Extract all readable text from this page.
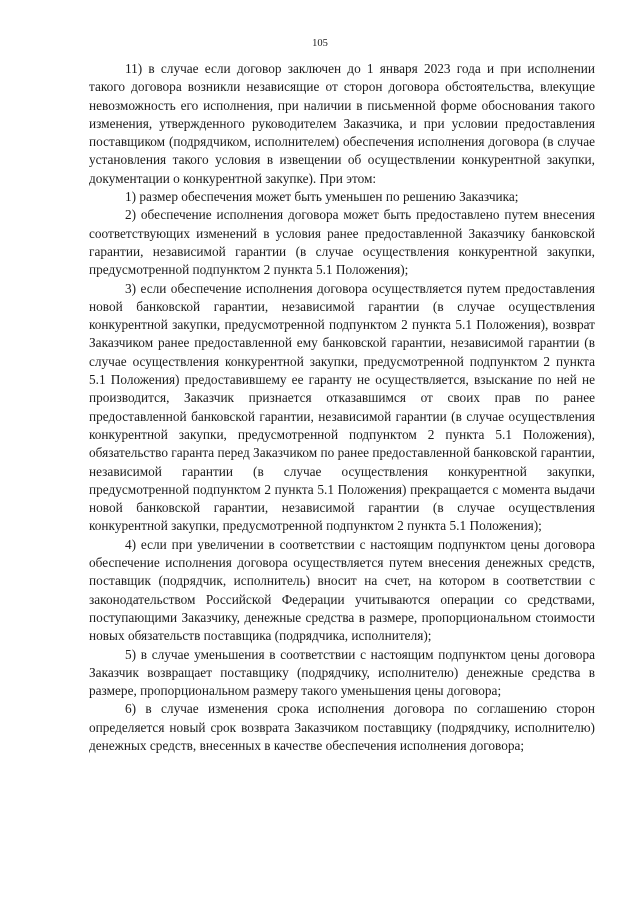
105

11) в случае если договор заключен до 1 января 2023 года и при исполнении такого договора возникли независящие от сторон договора обстоятельства, влекущие невозможность его исполнения, при наличии в письменной форме обоснования такого изменения, утвержденного руководителем Заказчика, и при условии предоставления поставщиком (подрядчиком, исполнителем) обеспечения исполнения договора (в случае установления такого условия в извещении об осуществлении конкурентной закупки, документации о конкурентной закупке). При этом:

1) размер обеспечения может быть уменьшен по решению Заказчика;

2) обеспечение исполнения договора может быть предоставлено путем внесения соответствующих изменений в условия ранее предоставленной Заказчику банковской гарантии, независимой гарантии (в случае осуществления конкурентной закупки, предусмотренной подпунктом 2 пункта 5.1 Положения);

3) если обеспечение исполнения договора осуществляется путем предоставления новой банковской гарантии, независимой гарантии (в случае осуществления конкурентной закупки, предусмотренной подпунктом 2 пункта 5.1 Положения), возврат Заказчиком ранее предоставленной ему банковской гарантии, независимой гарантии (в случае осуществления конкурентной закупки, предусмотренной подпунктом 2 пункта 5.1 Положения) предоставившему ее гаранту не осуществляется, взыскание по ней не производится, Заказчик признается отказавшимся от своих прав по ранее предоставленной банковской гарантии, независимой гарантии (в случае осуществления конкурентной закупки, предусмотренной подпунктом 2 пункта 5.1 Положения), обязательство гаранта перед Заказчиком по ранее предоставленной банковской гарантии, независимой гарантии (в случае осуществления конкурентной закупки, предусмотренной подпунктом 2 пункта 5.1 Положения) прекращается с момента выдачи новой банковской гарантии, независимой гарантии (в случае осуществления конкурентной закупки, предусмотренной подпунктом 2 пункта 5.1 Положения);

4) если при увеличении в соответствии с настоящим подпунктом цены договора обеспечение исполнения договора осуществляется путем внесения денежных средств, поставщик (подрядчик, исполнитель) вносит на счет, на котором в соответствии с законодательством Российской Федерации учитываются операции со средствами, поступающими Заказчику, денежные средства в размере, пропорциональном стоимости новых обязательств поставщика (подрядчика, исполнителя);

5) в случае уменьшения в соответствии с настоящим подпунктом цены договора Заказчик возвращает поставщику (подрядчику, исполнителю) денежные средства в размере, пропорциональном размеру такого уменьшения цены договора;

6) в случае изменения срока исполнения договора по соглашению сторон определяется новый срок возврата Заказчиком поставщику (подрядчику, исполнителю) денежных средств, внесенных в качестве обеспечения исполнения договора;
